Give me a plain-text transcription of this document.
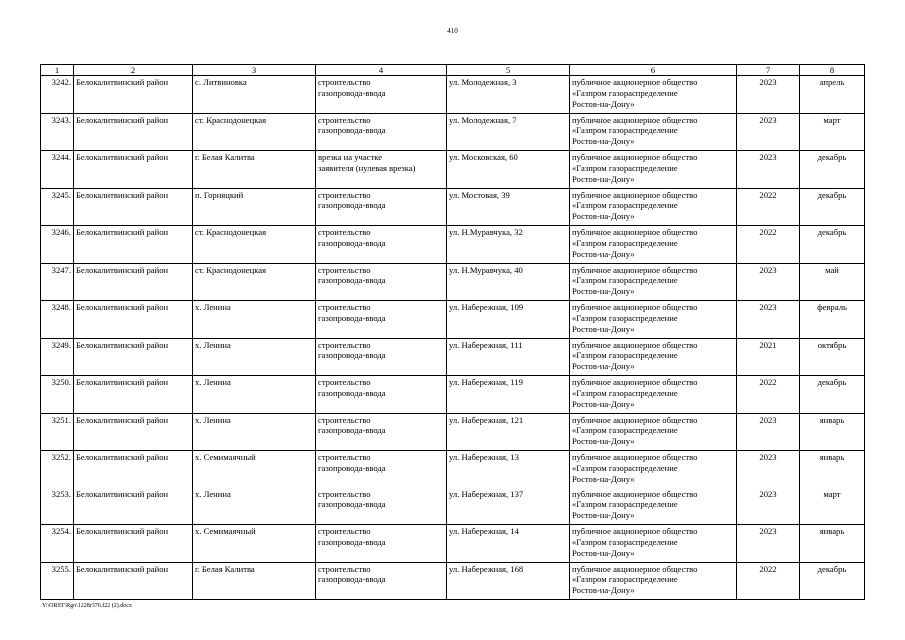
410
1	2	3	4	5	6	7	8
3242.	Белокалитвинский район	с. Литвиновка	строительство
газопровода-ввода	ул. Молодежная, 3	публичное акционерное общество
«Газпром газораспределение
Ростов-на-Дону»	2023	апрель
3243.	Белокалитвинский район	ст. Краснодонецкая	строительство
газопровода-ввода	ул. Молодежная, 7	публичное акционерное общество
«Газпром газораспределение
Ростов-на-Дону»	2023	март
3244.	Белокалитвинский район	г. Белая Калитва	врезка на участке
заявителя (нулевая врезка)	ул. Московская, 60	публичное акционерное общество
«Газпром газораспределение
Ростов-на-Дону»	2023	декабрь
3245.	Белокалитвинский район	п. Горняцкий	строительство
газопровода-ввода	ул. Мостовая, 39	публичное акционерное общество
«Газпром газораспределение
Ростов-на-Дону»	2022	декабрь
3246.	Белокалитвинский район	ст. Краснодонецкая	строительство
газопровода-ввода	ул. Н.Муравчука, 32	публичное акционерное общество
«Газпром газораспределение
Ростов-на-Дону»	2022	декабрь
3247.	Белокалитвинский район	ст. Краснодонецкая	строительство
газопровода-ввода	ул. Н.Муравчука, 40	публичное акционерное общество
«Газпром газораспределение
Ростов-на-Дону»	2023	май
3248.	Белокалитвинский район	х. Ленина	строительство
газопровода-ввода	ул. Набережная, 109	публичное акционерное общество
«Газпром газораспределение
Ростов-на-Дону»	2023	февраль
3249.	Белокалитвинский район	х. Ленина	строительство
газопровода-ввода	ул. Набережная, 111	публичное акционерное общество
«Газпром газораспределение
Ростов-на-Дону»	2021	октябрь
3250.	Белокалитвинский район	х. Ленина	строительство
газопровода-ввода	ул. Набережная, 119	публичное акционерное общество
«Газпром газораспределение
Ростов-на-Дону»	2022	декабрь
3251.	Белокалитвинский район	х. Ленина	строительство
газопровода-ввода	ул. Набережная, 121	публичное акционерное общество
«Газпром газораспределение
Ростов-на-Дону»	2023	январь
3252.	Белокалитвинский район	х. Семимаячный	строительство
газопровода-ввода	ул. Набережная, 13	публичное акционерное общество
«Газпром газораспределение
Ростов-на-Дону»	2023	январь
3253.	Белокалитвинский район	х. Ленина	строительство
газопровода-ввода	ул. Набережная, 137	публичное акционерное общество
«Газпром газораспределение
Ростов-на-Дону»	2023	март
3254.	Белокалитвинский район	х. Семимаячный	строительство
газопровода-ввода	ул. Набережная, 14	публичное акционерное общество
«Газпром газораспределение
Ростов-на-Дону»	2023	январь
3255.	Белокалитвинский район	г. Белая Калитва	строительство
газопровода-ввода	ул. Набережная, 168	публичное акционерное общество
«Газпром газораспределение
Ростов-на-Дону»	2022	декабрь
Y:\ORST\Rgo\1228r376.f22 (2).docx
